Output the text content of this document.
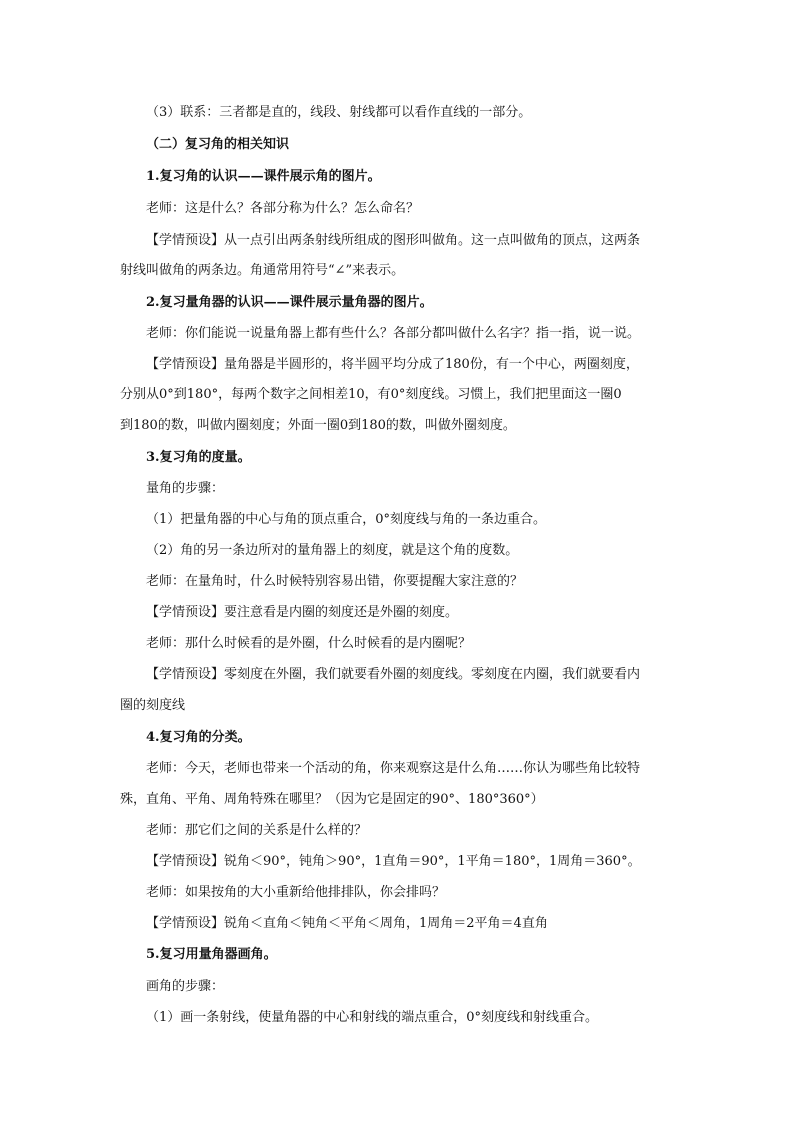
（3）联系：三者都是直的，线段、射线都可以看作直线的一部分。
（二）复习角的相关知识
1.复习角的认识——课件展示角的图片。
老师：这是什么？各部分称为什么？怎么命名？
【学情预设】从一点引出两条射线所组成的图形叫做角。这一点叫做角的顶点，这两条
射线叫做角的两条边。角通常用符号“∠”来表示。
2.复习量角器的认识——课件展示量角器的图片。
老师：你们能说一说量角器上都有些什么？各部分都叫做什么名字？指一指，说一说。
【学情预设】量角器是半圆形的，将半圆平均分成了180份，有一个中心，两圈刻度，
分别从0°到180°，每两个数字之间相差10，有0°刻度线。习惯上，我们把里面这一圈0
到180的数，叫做内圈刻度；外面一圈0到180的数，叫做外圈刻度。
3.复习角的度量。
量角的步骤：
（1）把量角器的中心与角的顶点重合，0°刻度线与角的一条边重合。
（2）角的另一条边所对的量角器上的刻度，就是这个角的度数。
老师：在量角时，什么时候特别容易出错，你要提醒大家注意的？
【学情预设】要注意看是内圈的刻度还是外圈的刻度。
老师：那什么时候看的是外圈，什么时候看的是内圈呢？
【学情预设】零刻度在外圈，我们就要看外圈的刻度线。零刻度在内圈，我们就要看内
圈的刻度线
4.复习角的分类。
老师：今天，老师也带来一个活动的角，你来观察这是什么角……你认为哪些角比较特
殊，直角、平角、周角特殊在哪里？（因为它是固定的90°、180°360°）
老师：那它们之间的关系是什么样的？
【学情预设】锐角＜90°，钝角＞90°，1直角＝90°，1平角＝180°，1周角＝360°。
老师：如果按角的大小重新给他排排队，你会排吗？
【学情预设】锐角＜直角＜钝角＜平角＜周角，1周角＝2平角＝4直角
5.复习用量角器画角。
画角的步骤：
（1）画一条射线，使量角器的中心和射线的端点重合，0°刻度线和射线重合。
